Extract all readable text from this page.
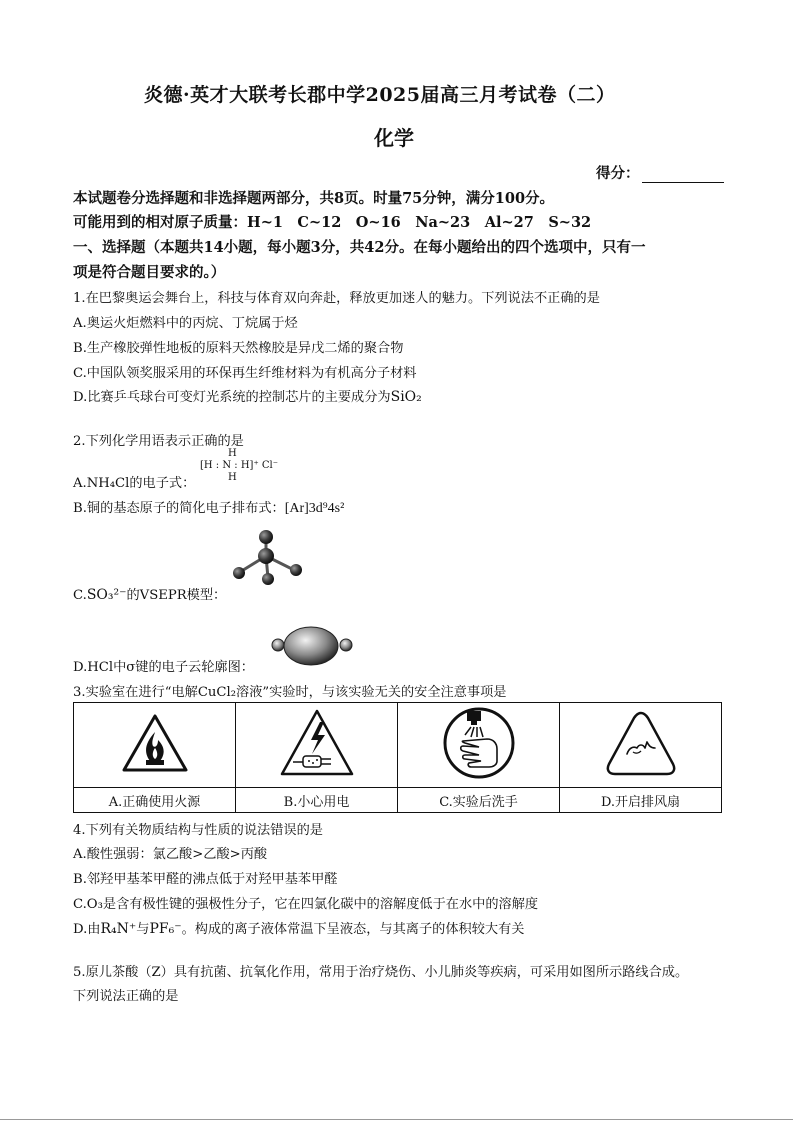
炎德·英才大联考长郡中学2025届高三月考试卷（二）
化学
得分：
本试题卷分选择题和非选择题两部分，共8页。时量75分钟，满分100分。
可能用到的相对原子质量：H~1　C~12　O~16　Na~23　Al~27　S~32
一、选择题（本题共14小题，每小题3分，共42分。在每小题给出的四个选项中，只有一
项是符合题目要求的。）
1.在巴黎奥运会舞台上，科技与体育双向奔赴，释放更加迷人的魅力。下列说法不正确的是
A.奥运火炬燃料中的丙烷、丁烷属于烃
B.生产橡胶弹性地板的原料天然橡胶是异戊二烯的聚合物
C.中国队领奖服采用的环保再生纤维材料为有机高分子材料
D.比赛乒乓球台可变灯光系统的控制芯片的主要成分为SiO₂
2.下列化学用语表示正确的是
A.NH₄Cl的电子式：
H
[H : N : H]⁺ Cl⁻
H
B.铜的基态原子的简化电子排布式：[Ar]3d⁹4s²
C.SO₃²⁻的VSEPR模型：
D.HCl中σ键的电子云轮廓图：
3.实验室在进行“电解CuCl₂溶液”实验时，与该实验无关的安全注意事项是

A.正确使用火源	B.小心用电	C.实验后洗手	D.开启排风扇
4.下列有关物质结构与性质的说法错误的是
A.酸性强弱：氯乙酸>乙酸>丙酸
B.邻羟甲基苯甲醛的沸点低于对羟甲基苯甲醛
C.O₃是含有极性键的强极性分子，它在四氯化碳中的溶解度低于在水中的溶解度
D.由R₄N⁺与PF₆⁻。构成的离子液体常温下呈液态，与其离子的体积较大有关
5.原儿茶酸（Z）具有抗菌、抗氧化作用，常用于治疗烧伤、小儿肺炎等疾病，可采用如图所示路线合成。
下列说法正确的是
